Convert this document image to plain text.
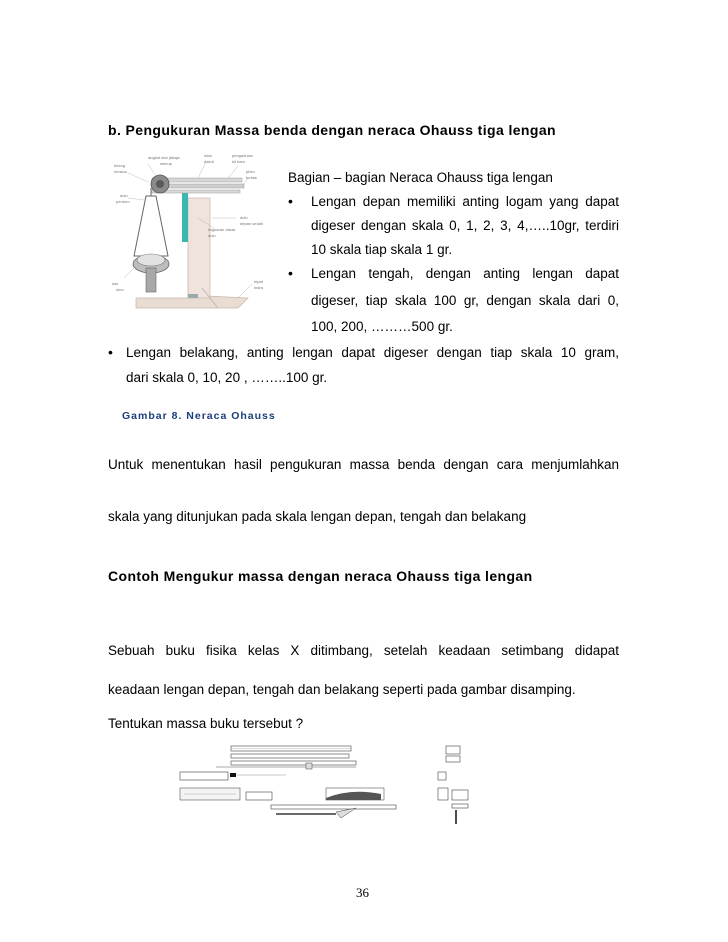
b. Pengukuran Massa benda dengan neraca Ohauss tiga lengan
angkat dan jabaja
sekrup
lukis
dakut
pengadulan
kit bam
lereng
neraca
dulu
pentoro
pintu
tuntas
dulu
depan sedati
lingkaran dasar
dulu
kas
ukur
tepat
indra
Bagian – bagian Neraca Ohauss tiga lengan
• Lengan depan memiliki anting logam yang dapat
digeser dengan skala 0, 1, 2, 3, 4,…..10gr, terdiri
10 skala tiap skala 1 gr.
• Lengan tengah, dengan anting lengan dapat
digeser, tiap skala 100 gr, dengan skala dari 0,
100, 200, ………500 gr.
• Lengan belakang, anting lengan dapat digeser dengan tiap skala 10 gram,
dari skala 0, 10, 20 , ……..100 gr.
Gambar 8. Neraca Ohauss
Untuk menentukan hasil pengukuran massa benda dengan cara menjumlahkan
skala yang ditunjukan pada skala lengan depan, tengah dan belakang
Contoh Mengukur massa dengan neraca Ohauss tiga lengan
Sebuah buku fisika kelas X ditimbang, setelah keadaan setimbang didapat
keadaan lengan depan, tengah dan belakang seperti pada gambar disamping.
Tentukan massa buku tersebut ?
36
